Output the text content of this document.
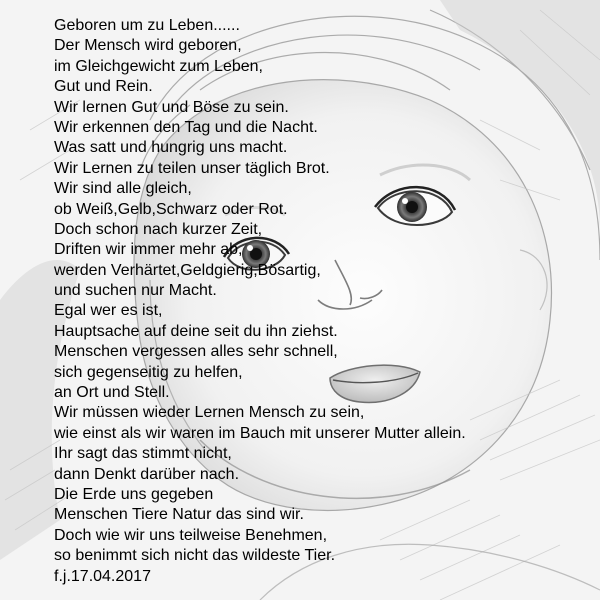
Geboren um zu Leben......
Der Mensch wird geboren,
im Gleichgewicht zum Leben,
Gut und Rein.
Wir lernen Gut und Böse zu sein.
Wir erkennen den Tag und die Nacht.
Was satt und hungrig uns macht.
Wir Lernen zu teilen unser täglich Brot.
Wir sind alle gleich,
ob Weiß,Gelb,Schwarz oder Rot.
Doch schon nach kurzer Zeit,
Driften wir immer mehr ab,
werden Verhärtet,Geldgierig,Bösartig,
und suchen nur Macht.
Egal wer es ist,
Hauptsache auf deine seit du ihn ziehst.
Menschen vergessen alles sehr schnell,
sich gegenseitig zu helfen,
an Ort und Stell.
Wir müssen wieder Lernen Mensch zu sein,
wie einst als wir waren im Bauch mit unserer Mutter allein.
Ihr sagt das stimmt nicht,
dann Denkt darüber nach.
Die Erde uns gegeben
Menschen Tiere Natur das sind wir.
Doch wie wir uns teilweise Benehmen,
so benimmt sich nicht das wildeste Tier.
f.j.17.04.2017
